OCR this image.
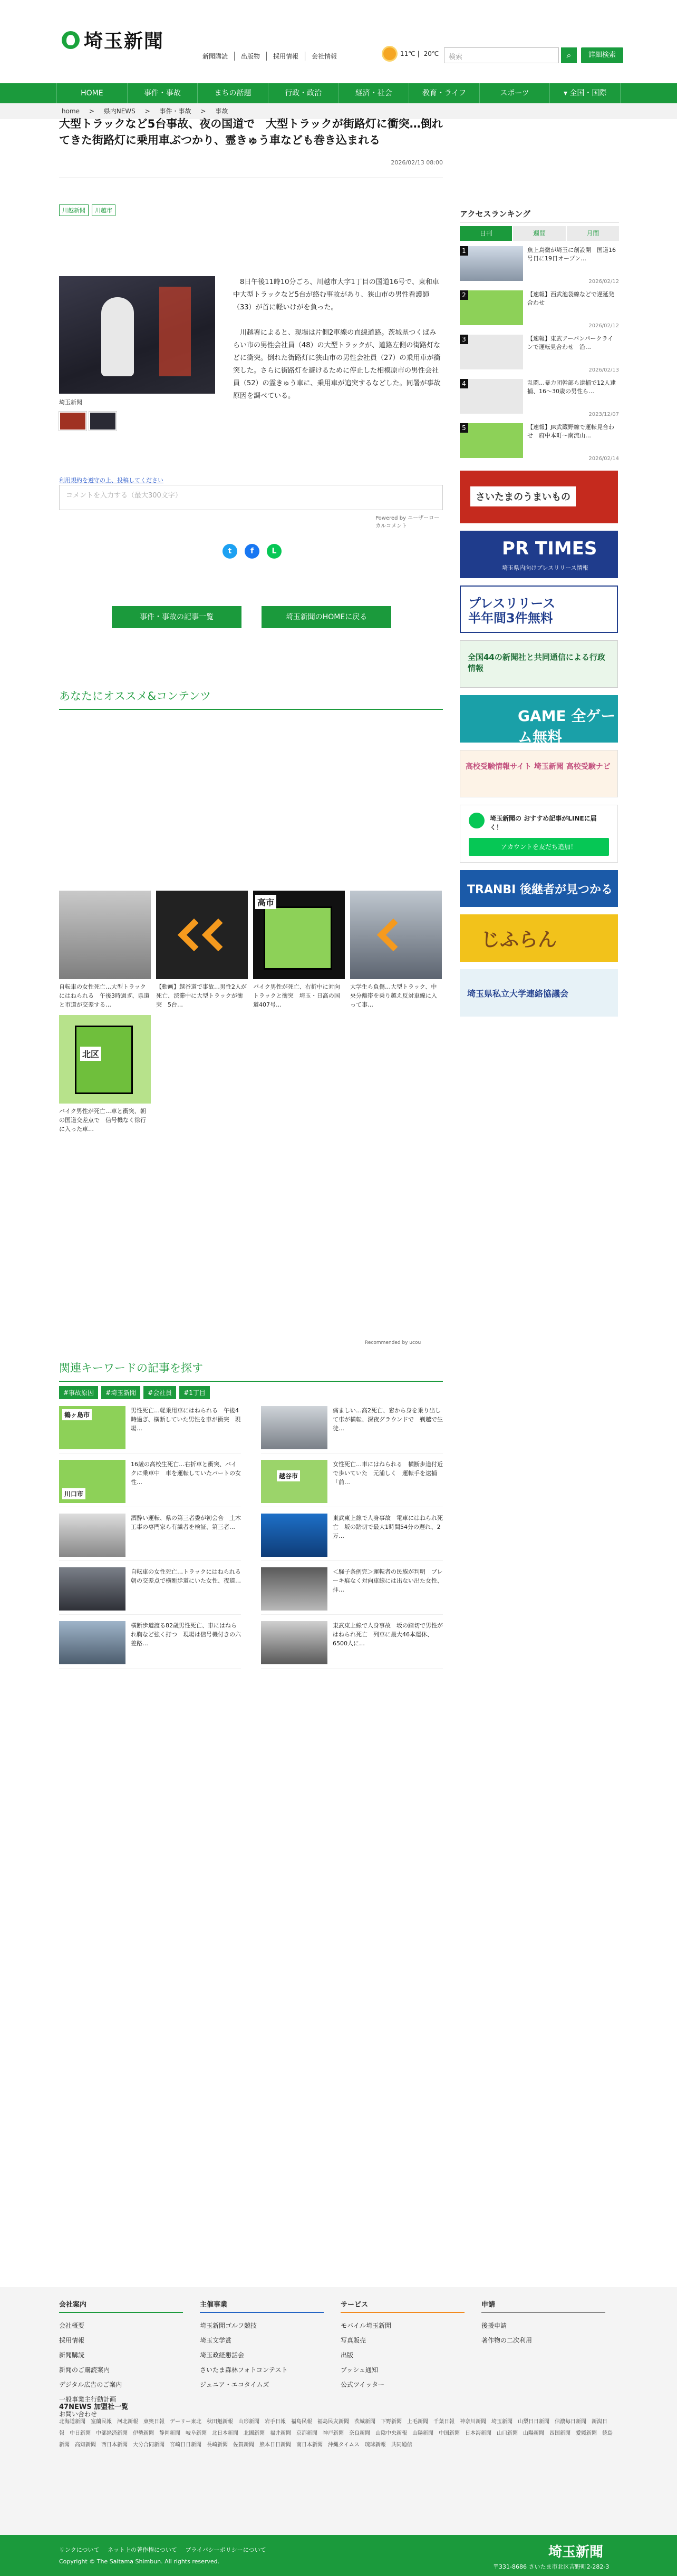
埼玉新聞
新聞購読	出版物	採用情報	会社情報	11℃ | 20℃	検索	⌕	詳細検索
HOME	事件・事故	まちの話題	行政・政治	経済・社会	教育・ライフ	スポーツ	▾ 全国・国際
home > 県内NEWS > 事件・事故 > 事故
大型トラックなど5台事故、夜の国道で　大型トラックが街路灯に衝突…倒れてきた街路灯に乗用車ぶつかり、霊きゅう車なども巻き込まれる
2026/02/13 08:00
川越新聞	川越市
埼玉新聞

8日午後11時10分ごろ、川越市大字1丁目の国道16号で、東和車中大型トラックなど5台が絡む事故があり、狭山市の男性看護師（33）が首に軽いけがを負った。

川越署によると、現場は片側2車線の直線道路。茨城県つくばみらい市の男性会社員（48）の大型トラックが、道路左側の街路灯などに衝突。倒れた街路灯に狭山市の男性会社員（27）の乗用車が衝突した。さらに街路灯を避けるために停止した相模原市の男性会社員（52）の霊きゅう車に、乗用車が追突するなどした。同署が事故原因を調べている。

利用規約を遵守の上、投稿してください
コメントを入力する（最大300文字）
Powered by ユーザーローカルコメント
t	f	L
事件・事故の記事一覧	埼玉新聞のHOMEに戻る
あなたにオススメ&コンテンツ
自転車の女性死亡…大型トラックにはねられる　午後3時過ぎ、県道と市道が交差する…
【動画】越谷道で事故…男性2人が死亡、渋滞中に大型トラックが衝突　5台…
高市
バイク男性が死亡、右折中に対向トラックと衝突　埼玉・日高の国道407号…
大学生ら負傷…大型トラック、中央分離帯を乗り越え反対車線に入って事…
北区
バイク男性が死亡…車と衝突、朝の国道交差点で　信号機なく徐行に入った車…
Recommended by ucou
関連キーワードの記事を探す
#事故原因	#埼玉新聞	#会社員	#1丁目
鶴ヶ島市
男性死亡…軽乗用車にはねられる　午後4時過ぎ、横断していた男性を車が衝突　現場…
痛ましい…高2死亡、窓から身を乗り出して車が横転、深夜グラウンドで　剃越で生徒…
川口市
16歳の高校生死亡…右折車と衝突、バイクに乗車中　車を運転していたパートの女性…
越谷市
女性死亡…車にはねられる　横断歩道付近で歩いていた　元浦しく　運転手を逮捕「前…
酒酔い運転、県の第三者委が初会合　土木工事の専門家ら有識者を検証、第三者…
東武東上線で人身事故　電車にはねられ死亡　坂の踏切で最大1時間54分の遅れ、2万…
自転車の女性死亡…トラックにはねられる　朝の交差点で横断歩道にいた女性、夜道…
＜騒子条例完＞運転者の民族が判明　ブレーキ痕なく対向車線には出ない出た女性、拝…
横断歩道渡る82歳男性死亡、車にはねられ胸など強く打つ　現場は信号機付きの六差路…
東武東上線で人身事故　坂の踏切で男性がはねられ死亡　列車に最大46本運休、6500人に…
アクセスランキング
日刊	週間	月間
1	魚上鳥微が埼玉に創設開　国道16号日に19日オープン…
2026/02/12
2	【速報】西武池袋線などで遅延発合わせ
2026/02/12
3	【速報】東武アーバンパークラインで運転見合わせ　沿…
2026/02/13
4	乱闘…暴力団幹部ら逮捕で12人逮捕、16～30歳の男性ら…
2023/12/07
5	【速報】JR武蔵野線で運転見合わせ　府中本町～南流山…
2026/02/14
さいたまのうまいもの
PR TIMES
埼玉県内向けプレスリリース情報
プレスリリース 半年間3件無料
全国44の新聞社と共同通信による行政情報
GAME 全ゲーム無料
高校受験情報サイト 埼玉新聞 高校受験ナビ
埼玉新聞の おすすめ記事がLINEに届く！
アカウントを友だち追加！
TRANBI 後継者が見つかる
じふらん
埼玉県私立大学連絡協議会
会社案内
会社概要
採用情報
新聞購読
新聞のご購読案内
デジタル広告のご案内
一般事業主行動計画
お問い合わせ
主催事業
埼玉新聞ゴルフ競技
埼玉文学賞
埼玉政経懇話会
さいたま森林フォトコンテスト
ジュニア・エコタイムズ
サービス
モバイル埼玉新聞
写真販売
出版
プッシュ通知
公式ツイッター
申請
後援申請
著作物の二次利用
47NEWS 加盟社一覧
北海道新聞 室蘭民報 河北新報 東奥日報 デーリー東北 秋田魁新報 山形新聞 岩手日報 福島民報 福島民友新聞 茨城新聞 下野新聞 上毛新聞 千葉日報 神奈川新聞 埼玉新聞 山梨日日新聞 信濃毎日新聞 新潟日報 中日新聞 中部経済新聞 伊勢新聞 静岡新聞 岐阜新聞 北日本新聞 北國新聞 福井新聞 京都新聞 神戸新聞 奈良新聞 山陰中央新報 山陽新聞 中国新聞 日本海新聞 山口新聞 山陽新聞 四国新聞 愛媛新聞 徳島新聞 高知新聞 西日本新聞 大分合同新聞 宮崎日日新聞 長崎新聞 佐賀新聞 熊本日日新聞 南日本新聞 沖縄タイムス 琉球新報 共同通信
リンクについて ネット上の著作権について プライバシーポリシーについて
Copyright © The Saitama Shimbun. All rights reserved.
埼玉新聞
〒331-8686 さいたま市北区吉野町2-282-3
